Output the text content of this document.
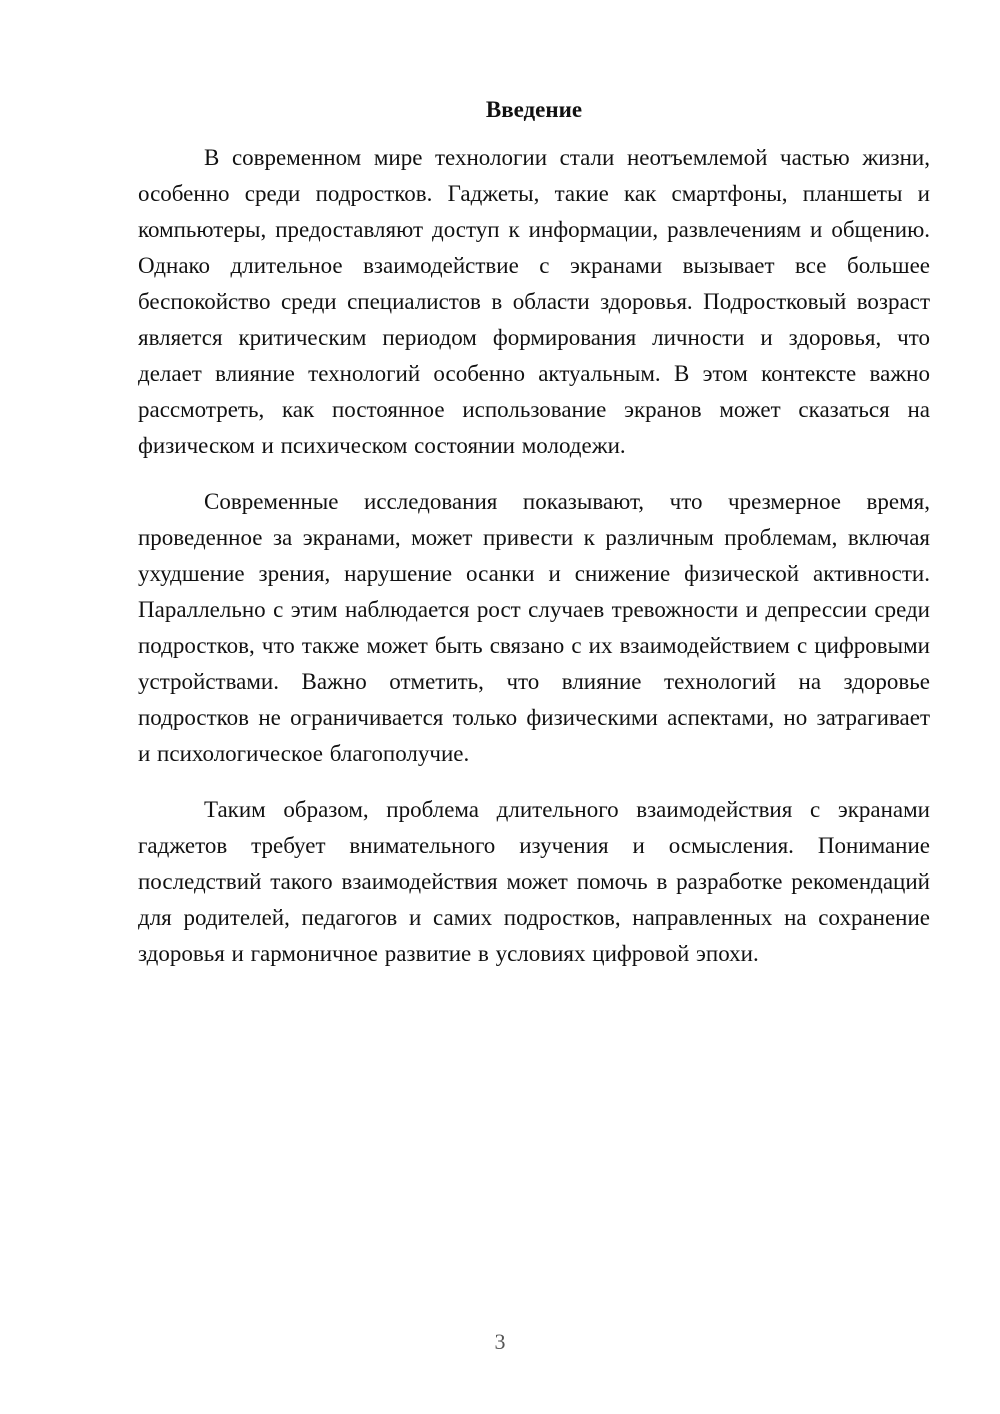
Введение

В современном мире технологии стали неотъемлемой частью жизни, особенно среди подростков. Гаджеты, такие как смартфоны, планшеты и компьютеры, предоставляют доступ к информации, развлечениям и общению. Однако длительное взаимодействие с экранами вызывает все большее беспокойство среди специалистов в области здоровья. Подростковый возраст является критическим периодом формирования личности и здоровья, что делает влияние технологий особенно актуальным. В этом контексте важно рассмотреть, как постоянное использование экранов может сказаться на физическом и психическом состоянии молодежи.

Современные исследования показывают, что чрезмерное время, проведенное за экранами, может привести к различным проблемам, включая ухудшение зрения, нарушение осанки и снижение физической активности. Параллельно с этим наблюдается рост случаев тревожности и депрессии среди подростков, что также может быть связано с их взаимодействием с цифровыми устройствами. Важно отметить, что влияние технологий на здоровье подростков не ограничивается только физическими аспектами, но затрагивает и психологическое благополучие.

Таким образом, проблема длительного взаимодействия с экранами гаджетов требует внимательного изучения и осмысления. Понимание последствий такого взаимодействия может помочь в разработке рекомендаций для родителей, педагогов и самих подростков, направленных на сохранение здоровья и гармоничное развитие в условиях цифровой эпохи.

3
